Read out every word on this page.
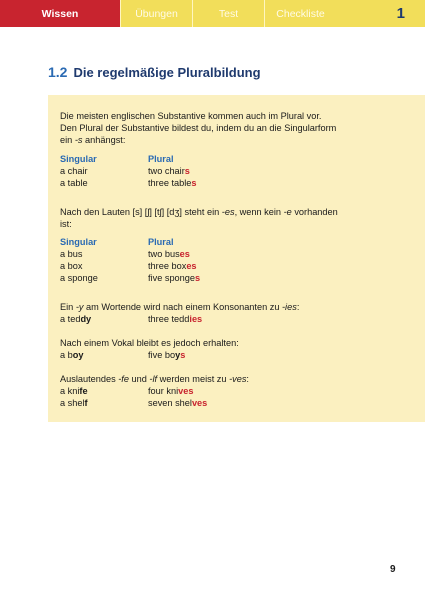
Wissen	Übungen	Test	Checkliste	1
1.2 Die regelmäßige Pluralbildung
Die meisten englischen Substantive kommen auch im Plural vor.
Den Plural der Substantive bildest du, indem du an die Singularform
ein -s anhängst:
Singular	Plural
a chair	two chairs
a table	three tables
Nach den Lauten [s] [ʃ] [tʃ] [dʒ] steht ein -es, wenn kein -e vorhanden
ist:
Singular	Plural
a bus	two buses
a box	three boxes
a sponge	five sponges
Ein -y am Wortende wird nach einem Konsonanten zu -ies:
a teddy	three teddies
Nach einem Vokal bleibt es jedoch erhalten:
a boy	five boys
Auslautendes -fe und -lf werden meist zu -ves:
a knife	four knives
a shelf	seven shelves
9
